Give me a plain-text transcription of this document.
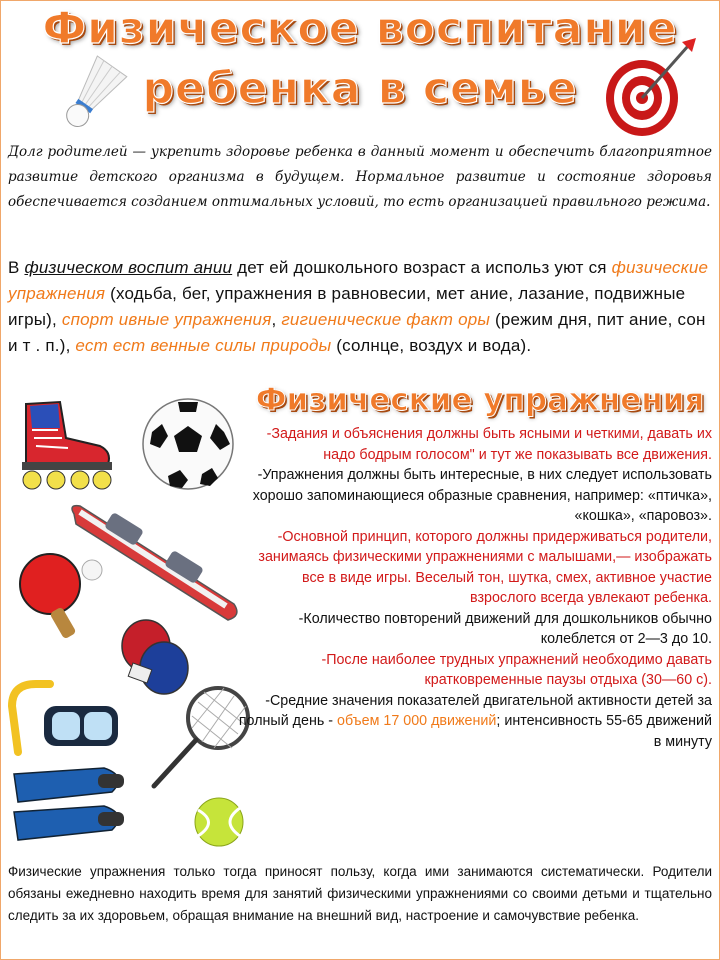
Физическое воспитание
ребенка в семье
Долг родителей — укрепить здоровье ребенка в данный момент и обеспечить благоприятное развитие детского организма в будущем. Нормальное развитие и состояние здоровья обеспечивается созданием оптимальных условий, то есть организацией правильного режима.
В физическом воспит ании дет ей дошкольного возраст а использ уют ся физические упражнения (ходьба, бег, упражнения в равновесии, мет ание, лазание, подвижные игры), спорт ивные упражнения, гигиенические факт оры (режим дня, пит ание, сон и т . п.), ест ест венные силы природы (солнце, воздух и вода).
Физические упражнения

-Задания и объяснения должны быть ясными и четкими, давать их надо бодрым голосом" и тут же показывать все движения.

-Упражнения должны быть интересные, в них следует использовать хорошо запоминающиеся образные сравнения, например: «птичка», «кошка», «паровоз».

-Основной принцип, которого должны придерживаться родители, занимаясь физическими упражнениями с малышами,— изображать все в виде игры. Веселый тон, шутка, смех, активное участие взрослого всегда увлекают ребенка.

-Количество повторений движений для дошкольников обычно колеблется от 2—3 до 10.

-После наиболее трудных упражнений необходимо давать кратковременные паузы отдыха (30—60 с).

-Средние значения показателей двигательной активности детей за полный день - объем 17 000 движений; интенсивность 55-65 движений в минуту

Физические упражнения только тогда приносят пользу, когда ими занимаются систематически. Родители обязаны ежедневно находить время для занятий физическими упражнениями со своими детьми и тщательно следить за их здоровьем, обращая внимание на внешний вид, настроение и самочувствие ребенка.
